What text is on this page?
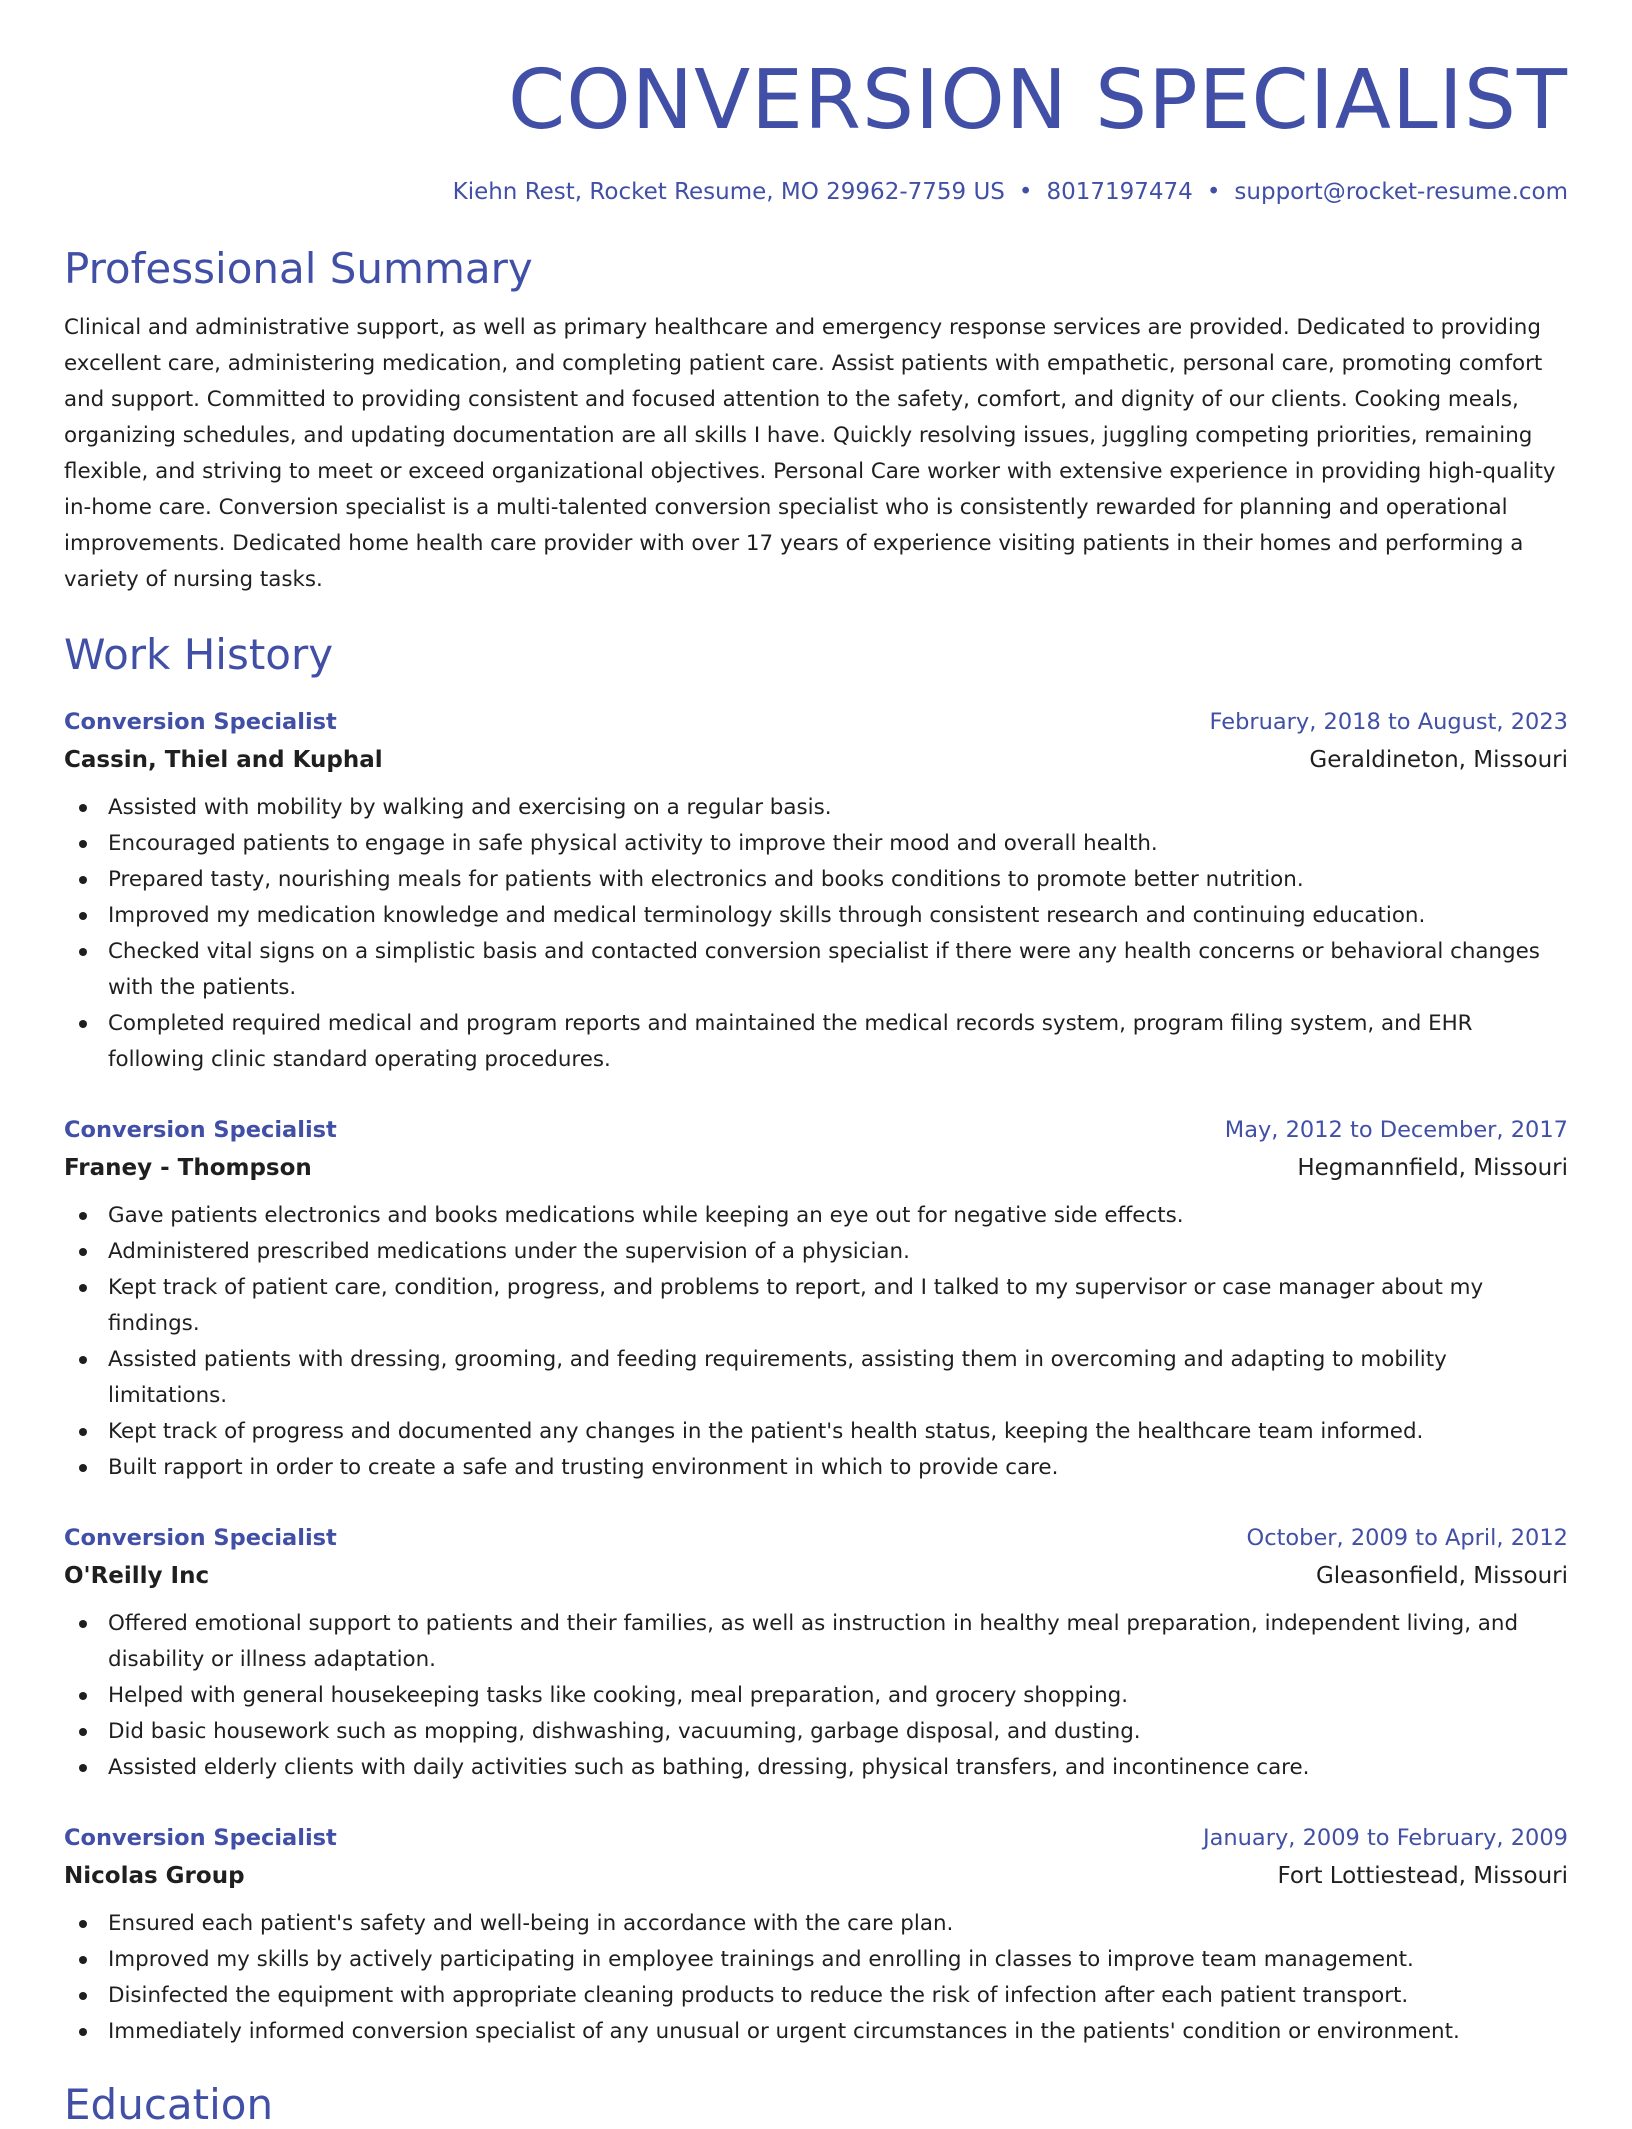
CONVERSION SPECIALIST
Kiehn Rest, Rocket Resume, MO 29962-7759 US • 8017197474 • support@rocket-resume.com
Professional Summary
Clinical and administrative support, as well as primary healthcare and emergency response services are provided. Dedicated to providing excellent care, administering medication, and completing patient care. Assist patients with empathetic, personal care, promoting comfort and support. Committed to providing consistent and focused attention to the safety, comfort, and dignity of our clients. Cooking meals, organizing schedules, and updating documentation are all skills I have. Quickly resolving issues, juggling competing priorities, remaining flexible, and striving to meet or exceed organizational objectives. Personal Care worker with extensive experience in providing high-quality in-home care. Conversion specialist is a multi-talented conversion specialist who is consistently rewarded for planning and operational improvements. Dedicated home health care provider with over 17 years of experience visiting patients in their homes and performing a variety of nursing tasks.
Work History
Conversion Specialist	February, 2018 to August, 2023
Cassin, Thiel and Kuphal	Geraldineton, Missouri
Assisted with mobility by walking and exercising on a regular basis.
Encouraged patients to engage in safe physical activity to improve their mood and overall health.
Prepared tasty, nourishing meals for patients with electronics and books conditions to promote better nutrition.
Improved my medication knowledge and medical terminology skills through consistent research and continuing education.
Checked vital signs on a simplistic basis and contacted conversion specialist if there were any health concerns or behavioral changes with the patients.
Completed required medical and program reports and maintained the medical records system, program filing system, and EHR following clinic standard operating procedures.
Conversion Specialist	May, 2012 to December, 2017
Franey - Thompson	Hegmannfield, Missouri
Gave patients electronics and books medications while keeping an eye out for negative side effects.
Administered prescribed medications under the supervision of a physician.
Kept track of patient care, condition, progress, and problems to report, and I talked to my supervisor or case manager about my findings.
Assisted patients with dressing, grooming, and feeding requirements, assisting them in overcoming and adapting to mobility limitations.
Kept track of progress and documented any changes in the patient's health status, keeping the healthcare team informed.
Built rapport in order to create a safe and trusting environment in which to provide care.
Conversion Specialist	October, 2009 to April, 2012
O'Reilly Inc	Gleasonfield, Missouri
Offered emotional support to patients and their families, as well as instruction in healthy meal preparation, independent living, and disability or illness adaptation.
Helped with general housekeeping tasks like cooking, meal preparation, and grocery shopping.
Did basic housework such as mopping, dishwashing, vacuuming, garbage disposal, and dusting.
Assisted elderly clients with daily activities such as bathing, dressing, physical transfers, and incontinence care.
Conversion Specialist	January, 2009 to February, 2009
Nicolas Group	Fort Lottiestead, Missouri
Ensured each patient's safety and well-being in accordance with the care plan.
Improved my skills by actively participating in employee trainings and enrolling in classes to improve team management.
Disinfected the equipment with appropriate cleaning products to reduce the risk of infection after each patient transport.
Immediately informed conversion specialist of any unusual or urgent circumstances in the patients' condition or environment.
Education
